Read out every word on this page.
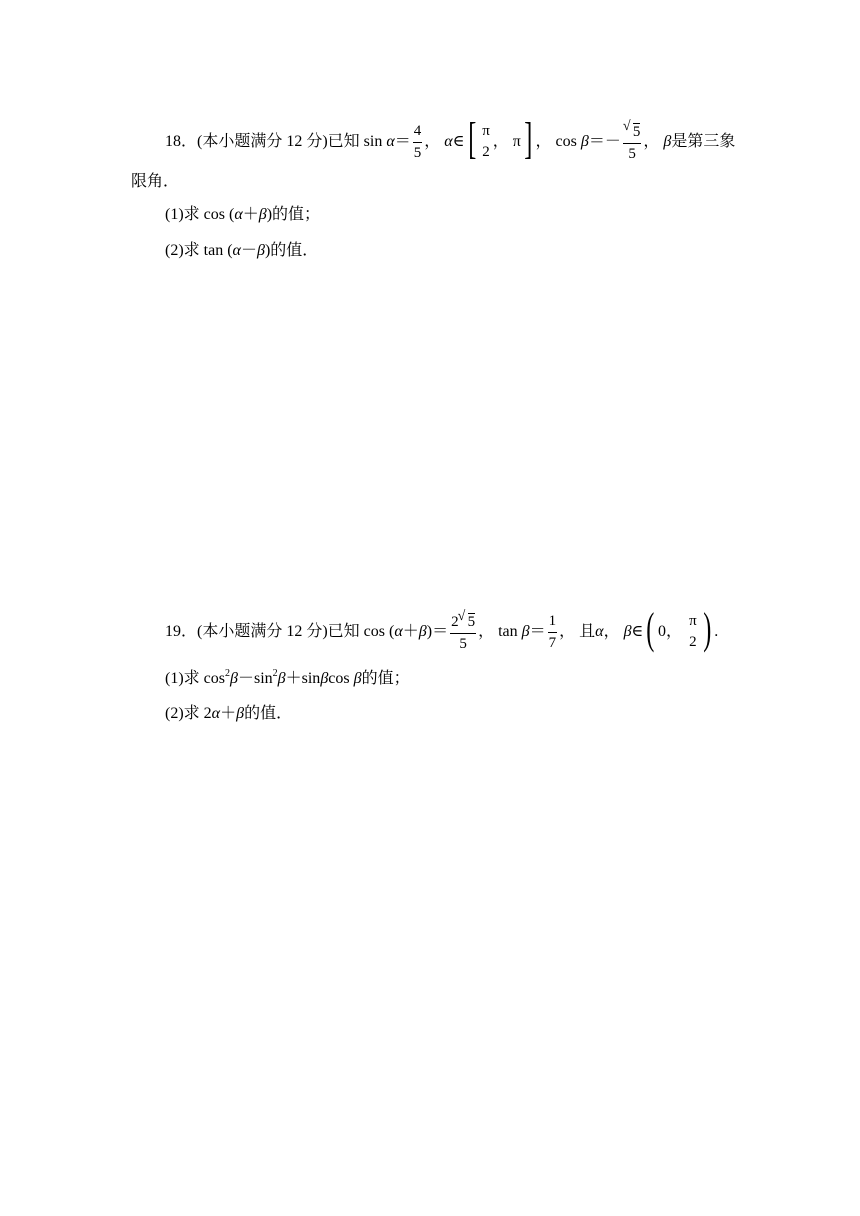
18 ． (本小题满分 12 分)已知 sin
$\alpha = \frac{4}{5}$ ，
α ∈ [ π
2
，
π ] ，
cos
β ＝－ √ $\frac{5}{5}$ ，
β 是第三象
限角．
(1)求 cos (α＋β)的值；
(2)求 tan (α－β)的值．
19 ． (本小题满分 12 分)已知 cos ( α ＋ β )＝ $\frac{2 √ 5}{5}$ ，
tan
$\beta = \frac{1}{7}$ ，
且 α ，
β ∈ ( 0 ，

π
2 ) .
(1)求 $\cos^2\beta-\sin^2\beta+\sin\beta\cos$ β的值；
(2)求 2α＋β的值．
